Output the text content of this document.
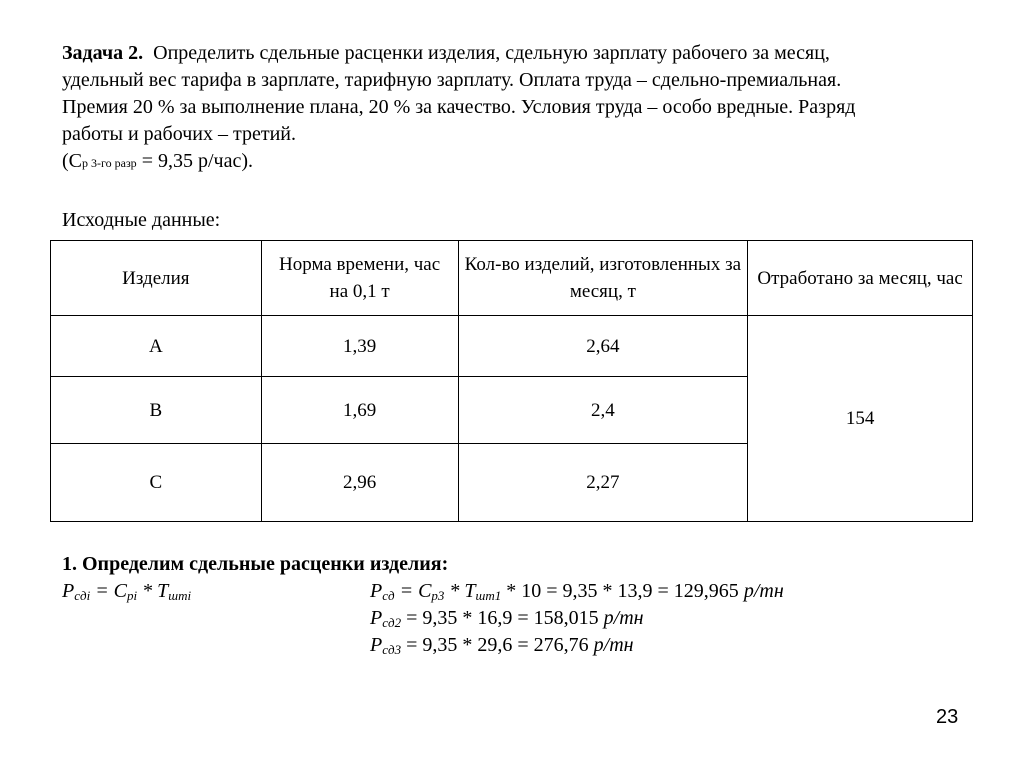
Задача 2. Определить сдельные расценки изделия, сдельную зарплату рабочего за месяц,

удельный вес тарифа в зарплате, тарифную зарплату. Оплата труда – сдельно-премиальная.

Премия 20 % за выполнение плана, 20 % за качество. Условия труда – особо вредные. Разряд

работы и рабочих – третий.

(Ср 3-го разр = 9,35 р/час).

Исходные данные:
Изделия	Норма времени, час на 0,1 т	Кол-во изделий, изготовленных за месяц, т	Отработано за месяц, час
A	1,39	2,64	154
B	1,69	2,4	
C	2,96	2,27	
1. Определим сдельные расценки изделия:
Рсдi = Срi * Тштi	Рсд = Ср3 * Тшт1 * 10 = 9,35 * 13,9 = 129,965 р/тн
Рсд2 = 9,35 * 16,9 = 158,015 р/тн
Рсд3 = 9,35 * 29,6 = 276,76 р/тн
23
